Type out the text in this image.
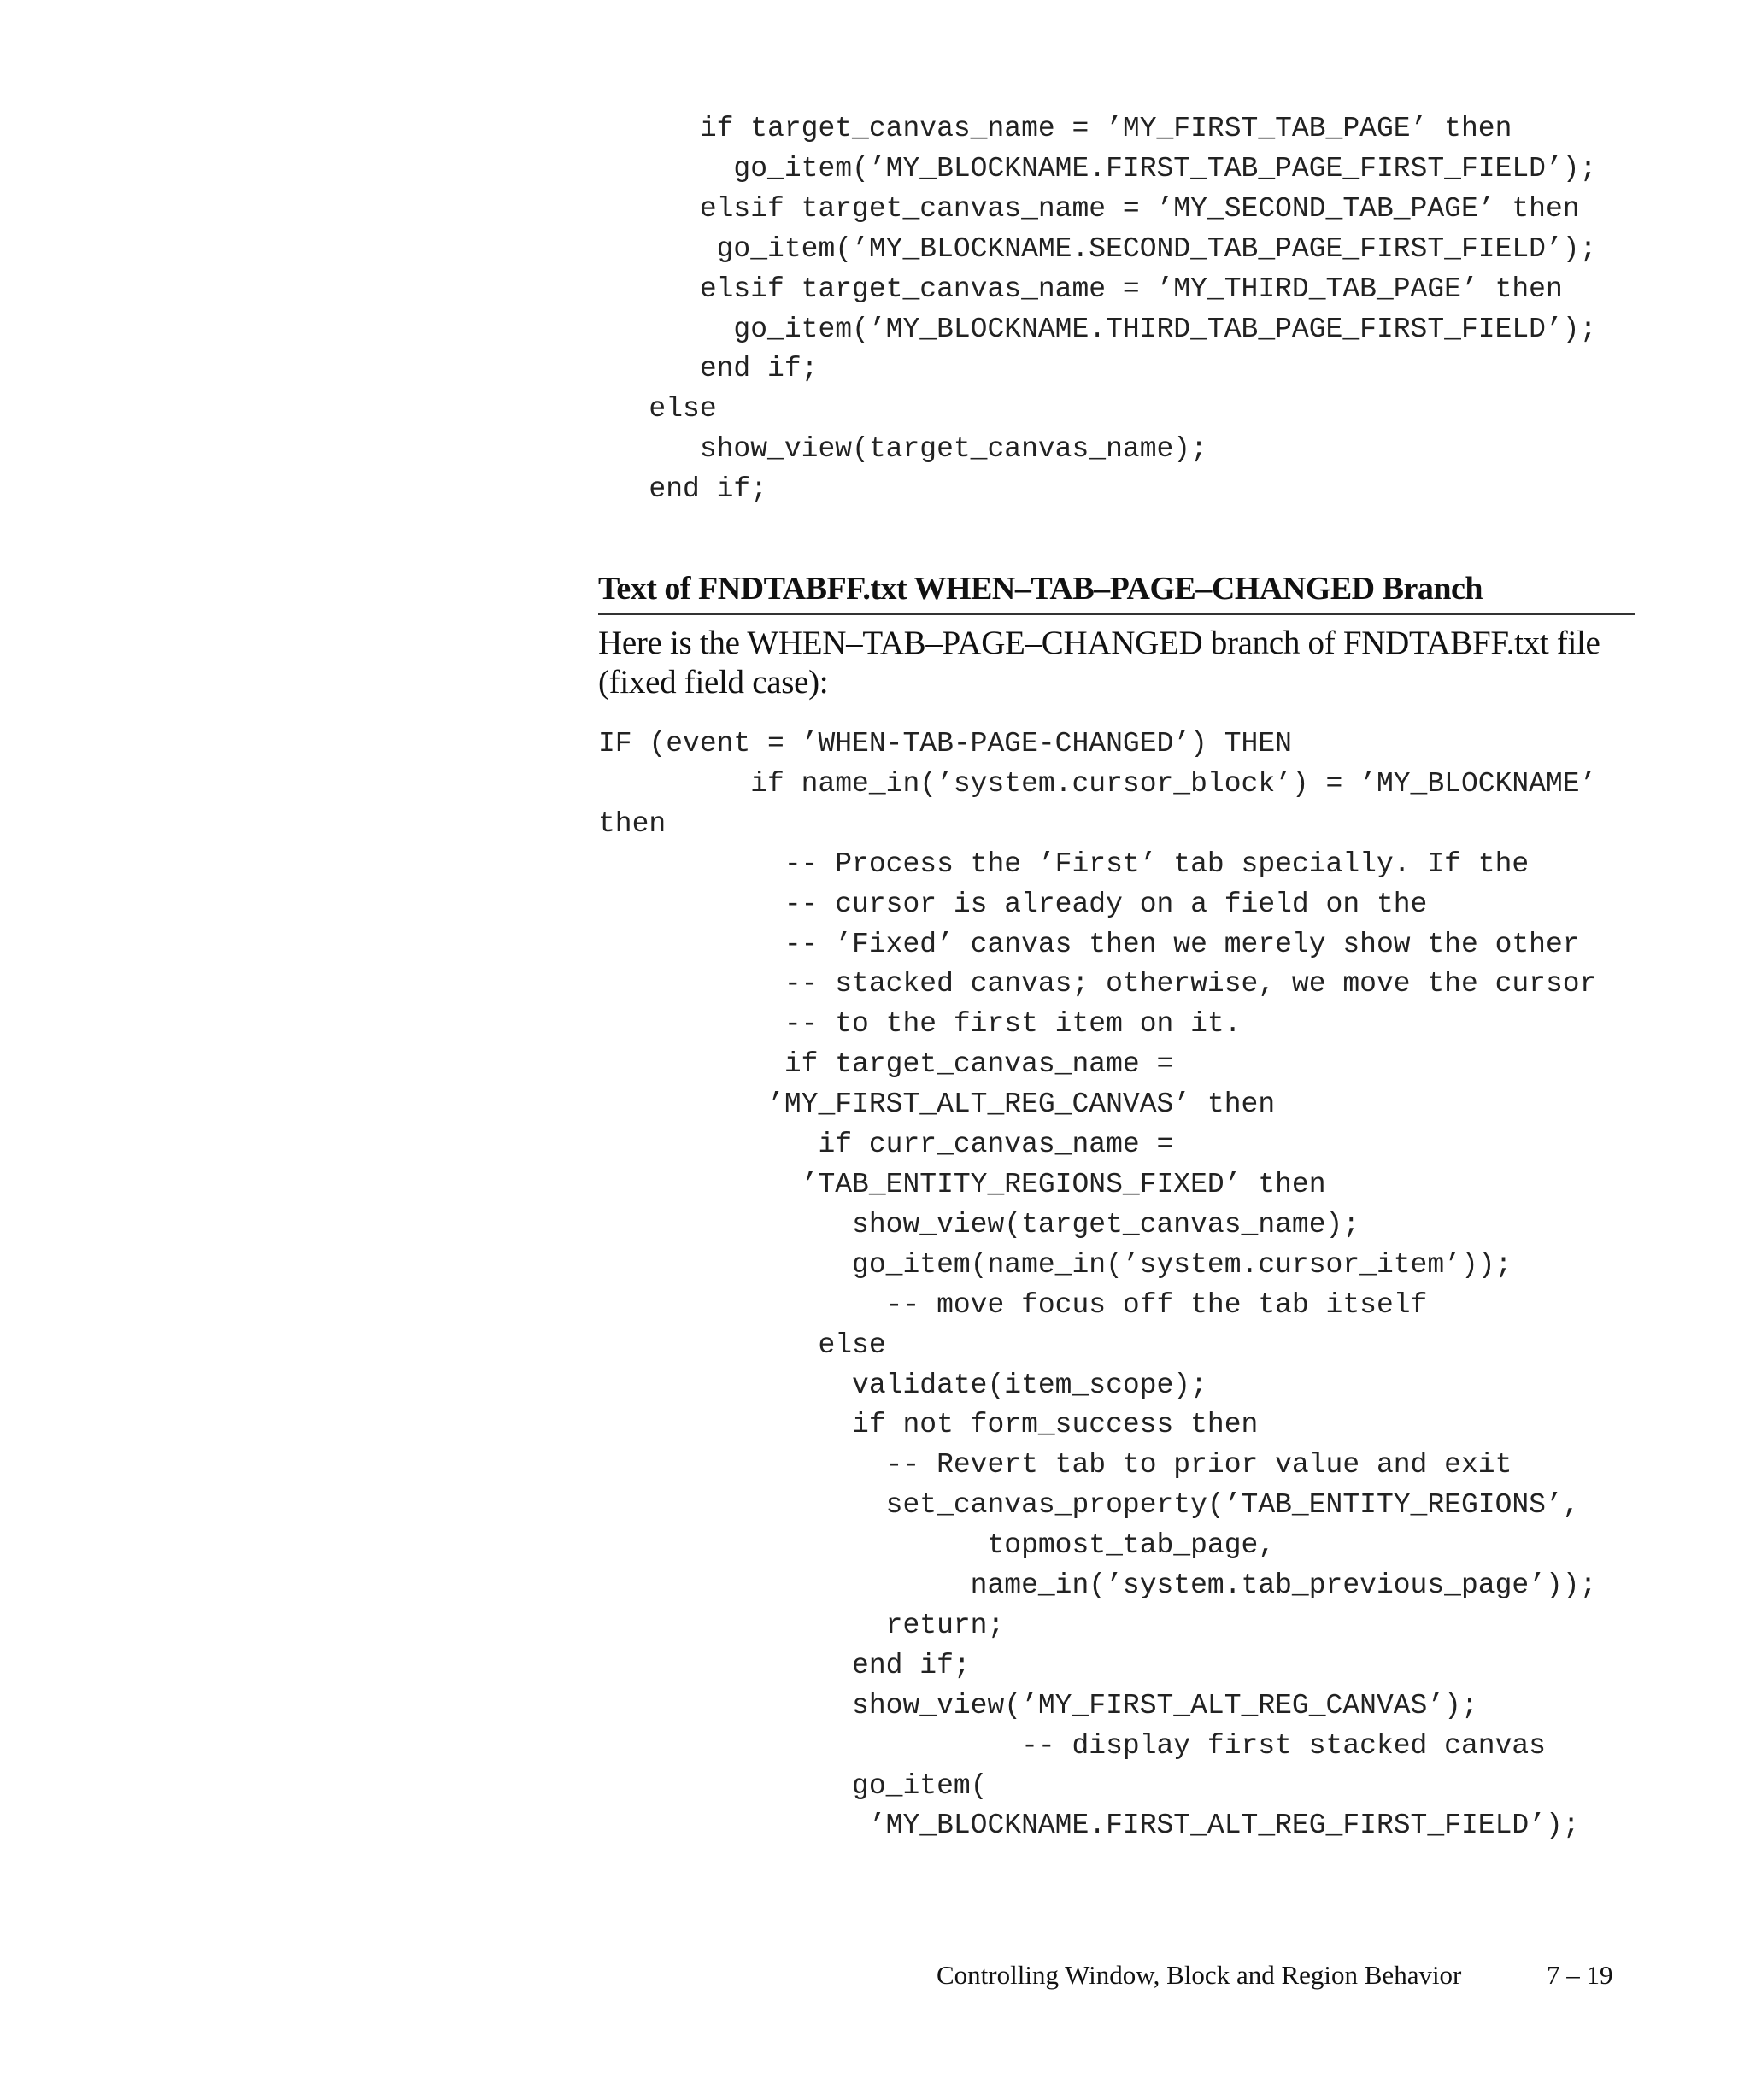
if target_canvas_name = ’MY_FIRST_TAB_PAGE’ then
go_item(’MY_BLOCKNAME.FIRST_TAB_PAGE_FIRST_FIELD’);
elsif target_canvas_name = ’MY_SECOND_TAB_PAGE’ then
go_item(’MY_BLOCKNAME.SECOND_TAB_PAGE_FIRST_FIELD’);
elsif target_canvas_name = ’MY_THIRD_TAB_PAGE’ then
go_item(’MY_BLOCKNAME.THIRD_TAB_PAGE_FIRST_FIELD’);
end if;
else
show_view(target_canvas_name);
end if;

Text of FNDTABFF.txt WHEN–TAB–PAGE–CHANGED Branch

Here is the WHEN–TAB–PAGE–CHANGED branch of FNDTABFF.txt file (fixed field case):

IF (event = ’WHEN-TAB-PAGE-CHANGED’) THEN
if name_in(’system.cursor_block’) = ’MY_BLOCKNAME’
then
-- Process the ’First’ tab specially. If the
-- cursor is already on a field on the
-- ’Fixed’ canvas then we merely show the other
-- stacked canvas; otherwise, we move the cursor
-- to the first item on it.
if target_canvas_name =
’MY_FIRST_ALT_REG_CANVAS’ then
if curr_canvas_name =
’TAB_ENTITY_REGIONS_FIXED’ then
show_view(target_canvas_name);
go_item(name_in(’system.cursor_item’));
-- move focus off the tab itself
else
validate(item_scope);
if not form_success then
-- Revert tab to prior value and exit
set_canvas_property(’TAB_ENTITY_REGIONS’,
topmost_tab_page,
name_in(’system.tab_previous_page’));
return;
end if;
show_view(’MY_FIRST_ALT_REG_CANVAS’);
-- display first stacked canvas
go_item(
’MY_BLOCKNAME.FIRST_ALT_REG_FIRST_FIELD’);

Controlling Window, Block and Region Behavior	7 – 19
